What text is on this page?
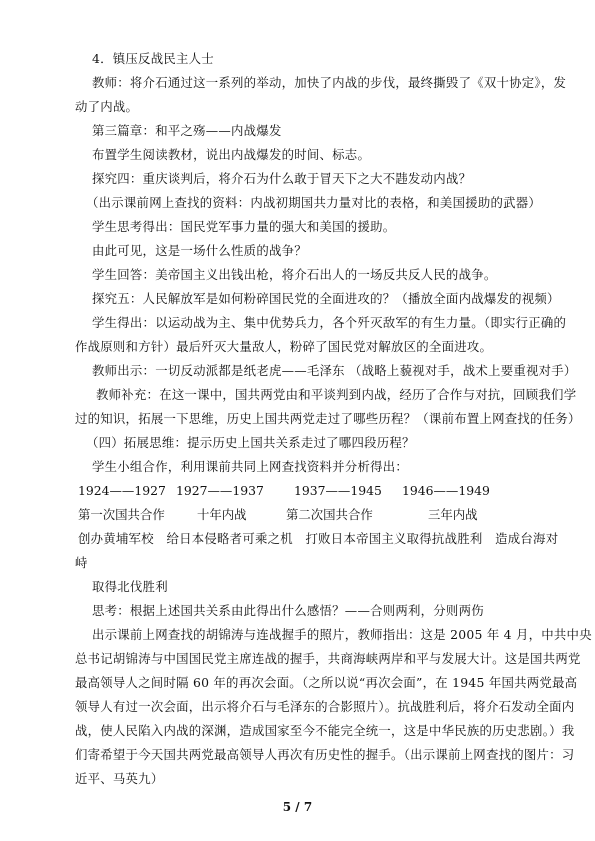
4．镇压反战民主人士
教师：将介石通过这一系列的举动，加快了内战的步伐，最终撕毁了《双十协定》，发
动了内战。
第三篇章：和平之殇——内战爆发
布置学生阅读教材，说出内战爆发的时间、标志。
探究四：重庆谈判后，将介石为什么敢于冒天下之大不韪发动内战？
（出示课前网上查找的资料：内战初期国共力量对比的表格，和美国援助的武器）
学生思考得出：国民党军事力量的强大和美国的援助。
由此可见，这是一场什么性质的战争？
学生回答：美帝国主义出钱出枪，将介石出人的一场反共反人民的战争。
探究五：人民解放军是如何粉碎国民党的全面进攻的？（播放全面内战爆发的视频）
学生得出：以运动战为主、集中优势兵力，各个歼灭敌军的有生力量。（即实行正确的
作战原则和方针）最后歼灭大量敌人，粉碎了国民党对解放区的全面进攻。
教师出示：一切反动派都是纸老虎——毛泽东 （战略上藐视对手，战术上要重视对手）
教师补充：在这一课中，国共两党由和平谈判到内战，经历了合作与对抗，回顾我们学
过的知识，拓展一下思维，历史上国共两党走过了哪些历程？（课前布置上网查找的任务）
（四）拓展思维：提示历史上国共关系走过了哪四段历程？
学生小组合作，利用课前共同上网查找资料并分析得出：
1924——1927 1927——1937 1937——1945 1946——1949
第一次国共合作	十年内战	第二次国共合作	三年内战
创办黄埔军校　给日本侵略者可乘之机　打败日本帝国主义取得抗战胜利　造成台海对
峙
取得北伐胜利
思考：根据上述国共关系由此得出什么感悟？——合则两利，分则两伤
出示课前上网查找的胡锦涛与连战握手的照片，教师指出：这是 2005 年 4 月，中共中央
总书记胡锦涛与中国国民党主席连战的握手，共商海峡两岸和平与发展大计。这是国共两党
最高领导人之间时隔 60 年的再次会面。（之所以说“再次会面”，在 1945 年国共两党最高
领导人有过一次会面，出示将介石与毛泽东的合影照片）。抗战胜利后，将介石发动全面内
战，使人民陷入内战的深渊，造成国家至今不能完全统一，这是中华民族的历史悲剧。）我
们寄希望于今天国共两党最高领导人再次有历史性的握手。（出示课前上网查找的图片：习
近平、马英九）
5 / 7
